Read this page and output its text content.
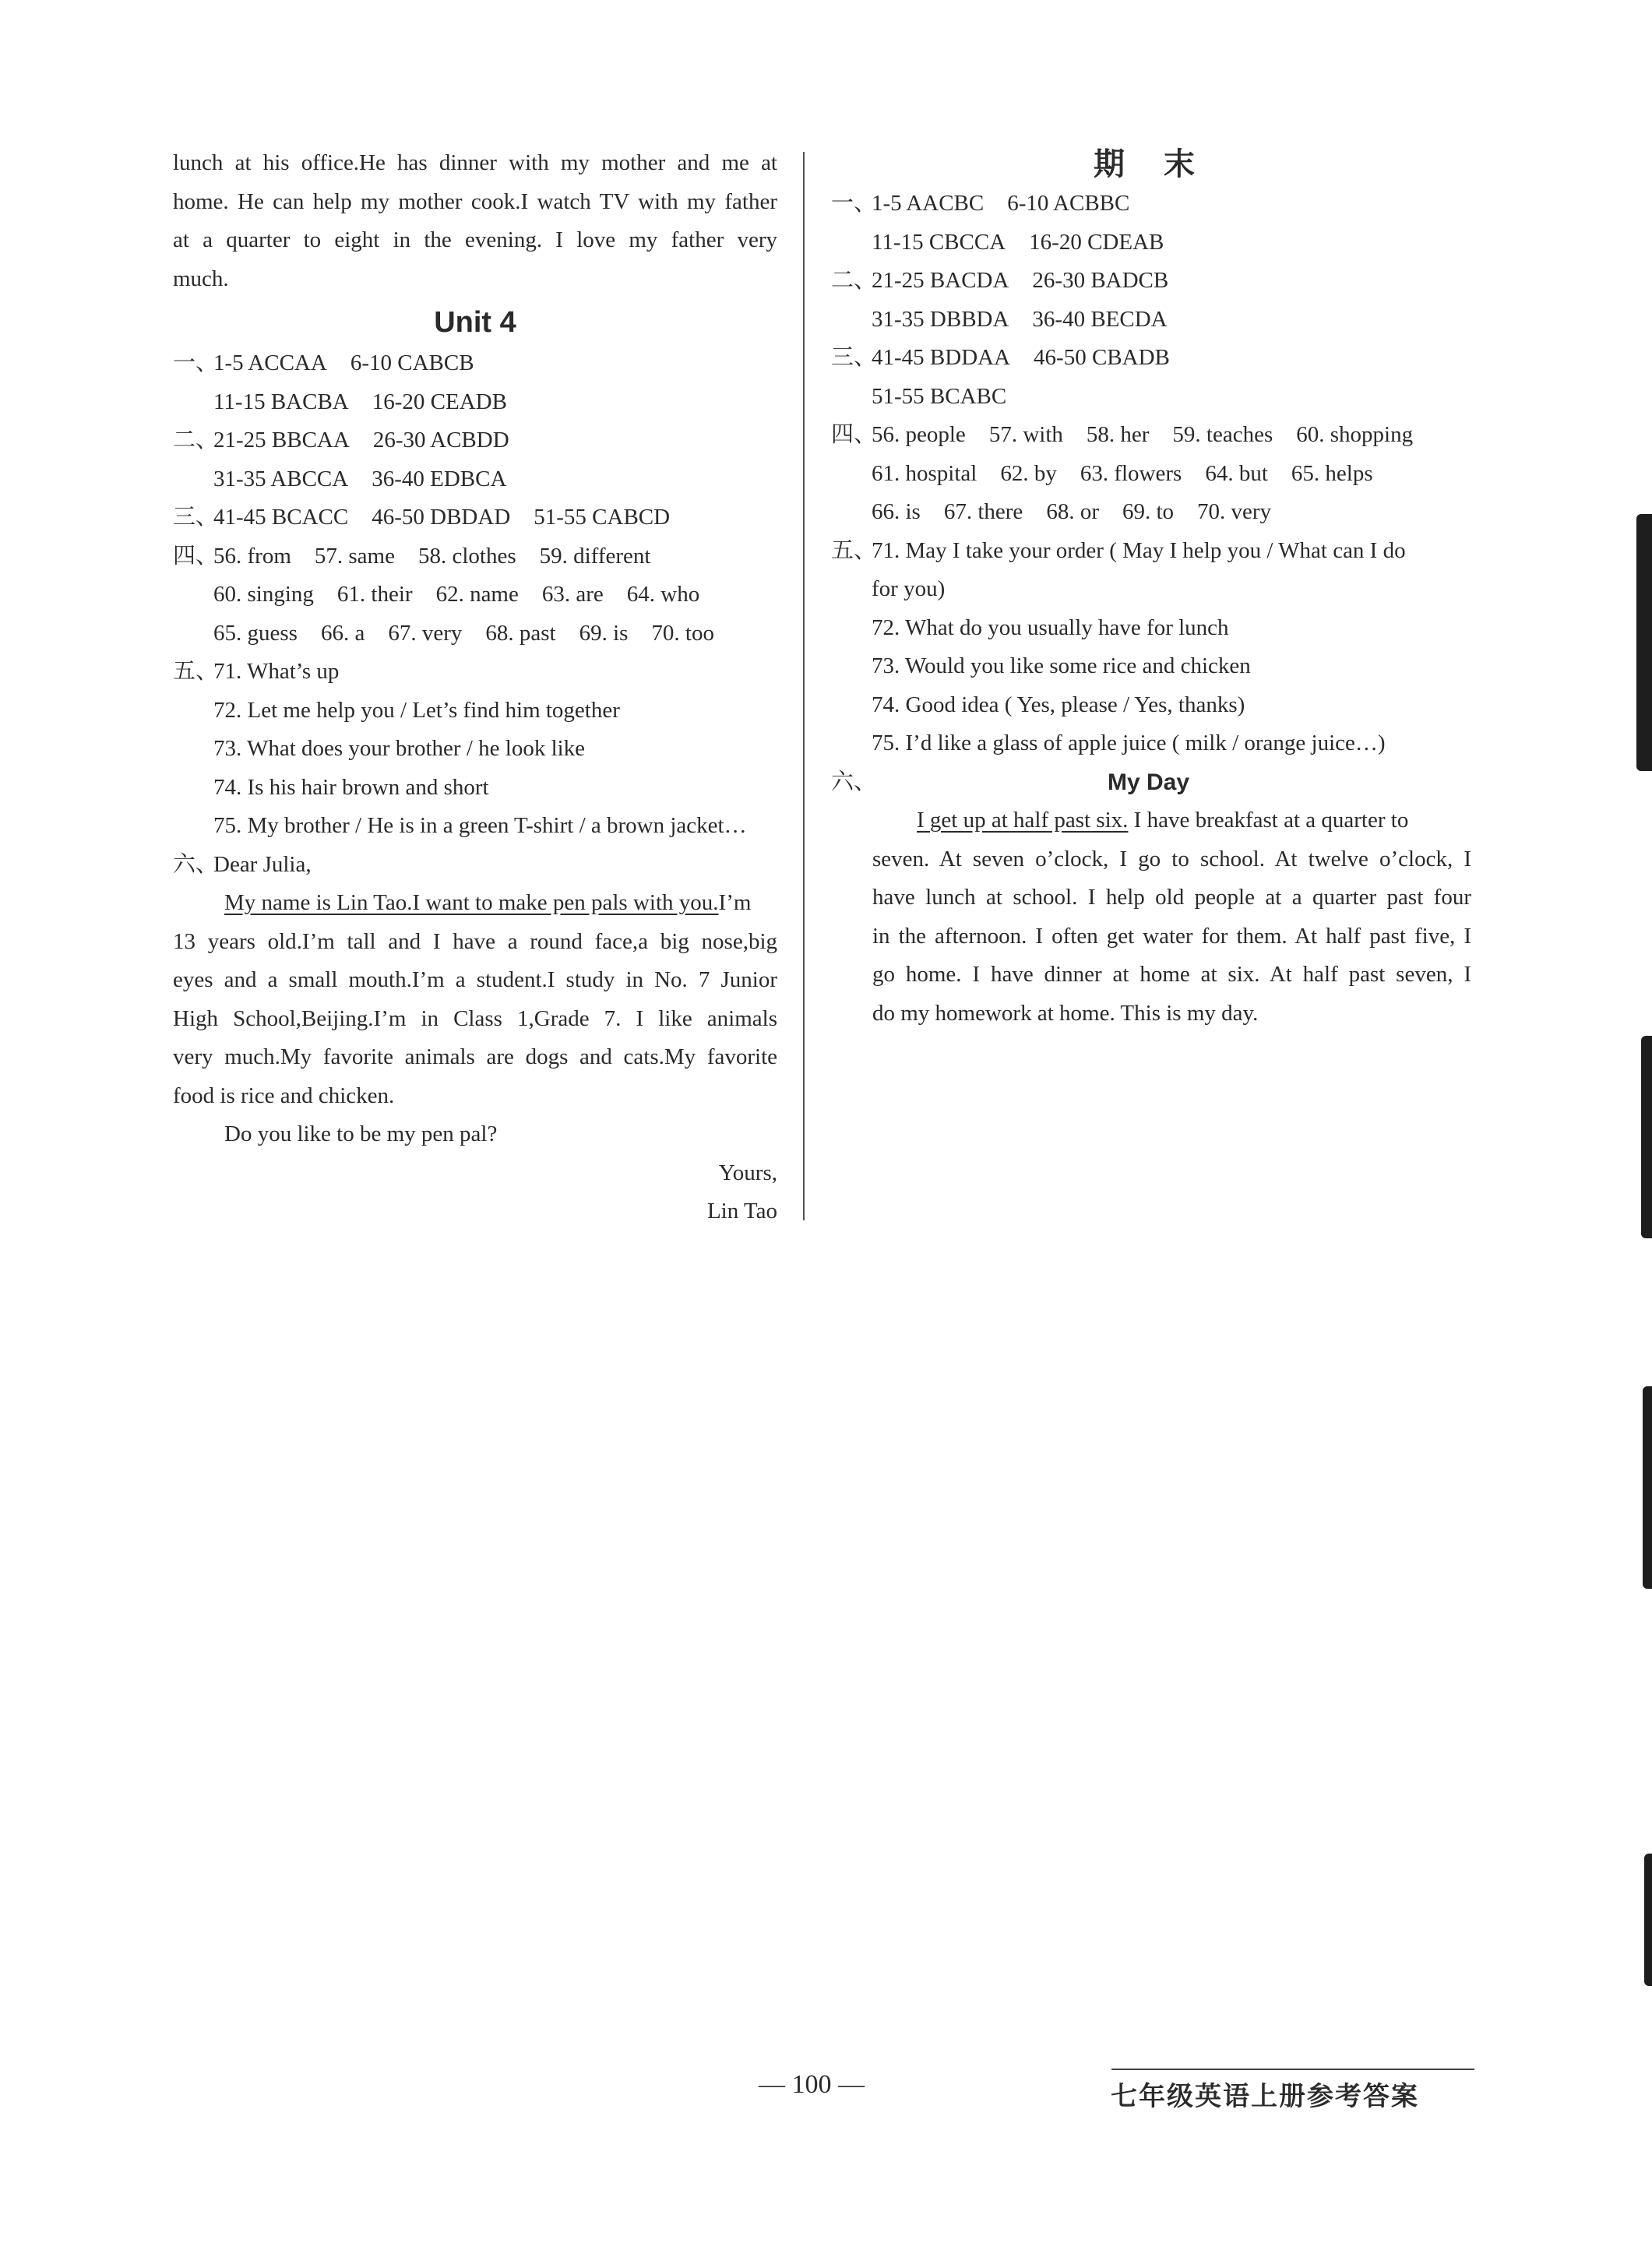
lunch at his office.He has dinner with my mother and me at
home. He can help my mother cook.I watch TV with my father
at a quarter to eight in the evening. I love my father very
much.
Unit 4
一、1-5 ACCAA 6-10 CABCB
11-15 BACBA 16-20 CEADB
二、21-25 BBCAA 26-30 ACBDD
31-35 ABCCA 36-40 EDBCA
三、41-45 BCACC 46-50 DBDAD 51-55 CABCD
四、56. from 57. same 58. clothes 59. different
60. singing 61. their 62. name 63. are 64. who
65. guess 66. a 67. very 68. past 69. is 70. too
五、71. What’s up
72. Let me help you / Let’s find him together
73. What does your brother / he look like
74. Is his hair brown and short
75. My brother / He is in a green T-shirt / a brown jacket…
六、Dear Julia,
My name is Lin Tao.I want to make pen pals with you.I’m
13 years old.I’m tall and I have a round face,a big nose,big
eyes and a small mouth.I’m a student.I study in No. 7 Junior
High School,Beijing.I’m in Class 1,Grade 7. I like animals
very much.My favorite animals are dogs and cats.My favorite
food is rice and chicken.
Do you like to be my pen pal?
Yours,
Lin Tao
期 末
一、1-5 AACBC 6-10 ACBBC
11-15 CBCCA 16-20 CDEAB
二、21-25 BACDA 26-30 BADCB
31-35 DBBDA 36-40 BECDA
三、41-45 BDDAA 46-50 CBADB
51-55 BCABC
四、56. people 57. with 58. her 59. teaches 60. shopping
61. hospital 62. by 63. flowers 64. but 65. helps
66. is 67. there 68. or 69. to 70. very
五、71. May I take your order ( May I help you / What can I do
for you)
72. What do you usually have for lunch
73. Would you like some rice and chicken
74. Good idea ( Yes, please / Yes, thanks)
75. I’d like a glass of apple juice ( milk / orange juice…)
六、	My Day
I get up at half past six. I have breakfast at a quarter to
seven. At seven o’clock, I go to school. At twelve o’clock, I
have lunch at school. I help old people at a quarter past four
in the afternoon. I often get water for them. At half past five, I
go home. I have dinner at home at six. At half past seven, I
do my homework at home. This is my day.
— 100 —	七年级英语上册参考答案
